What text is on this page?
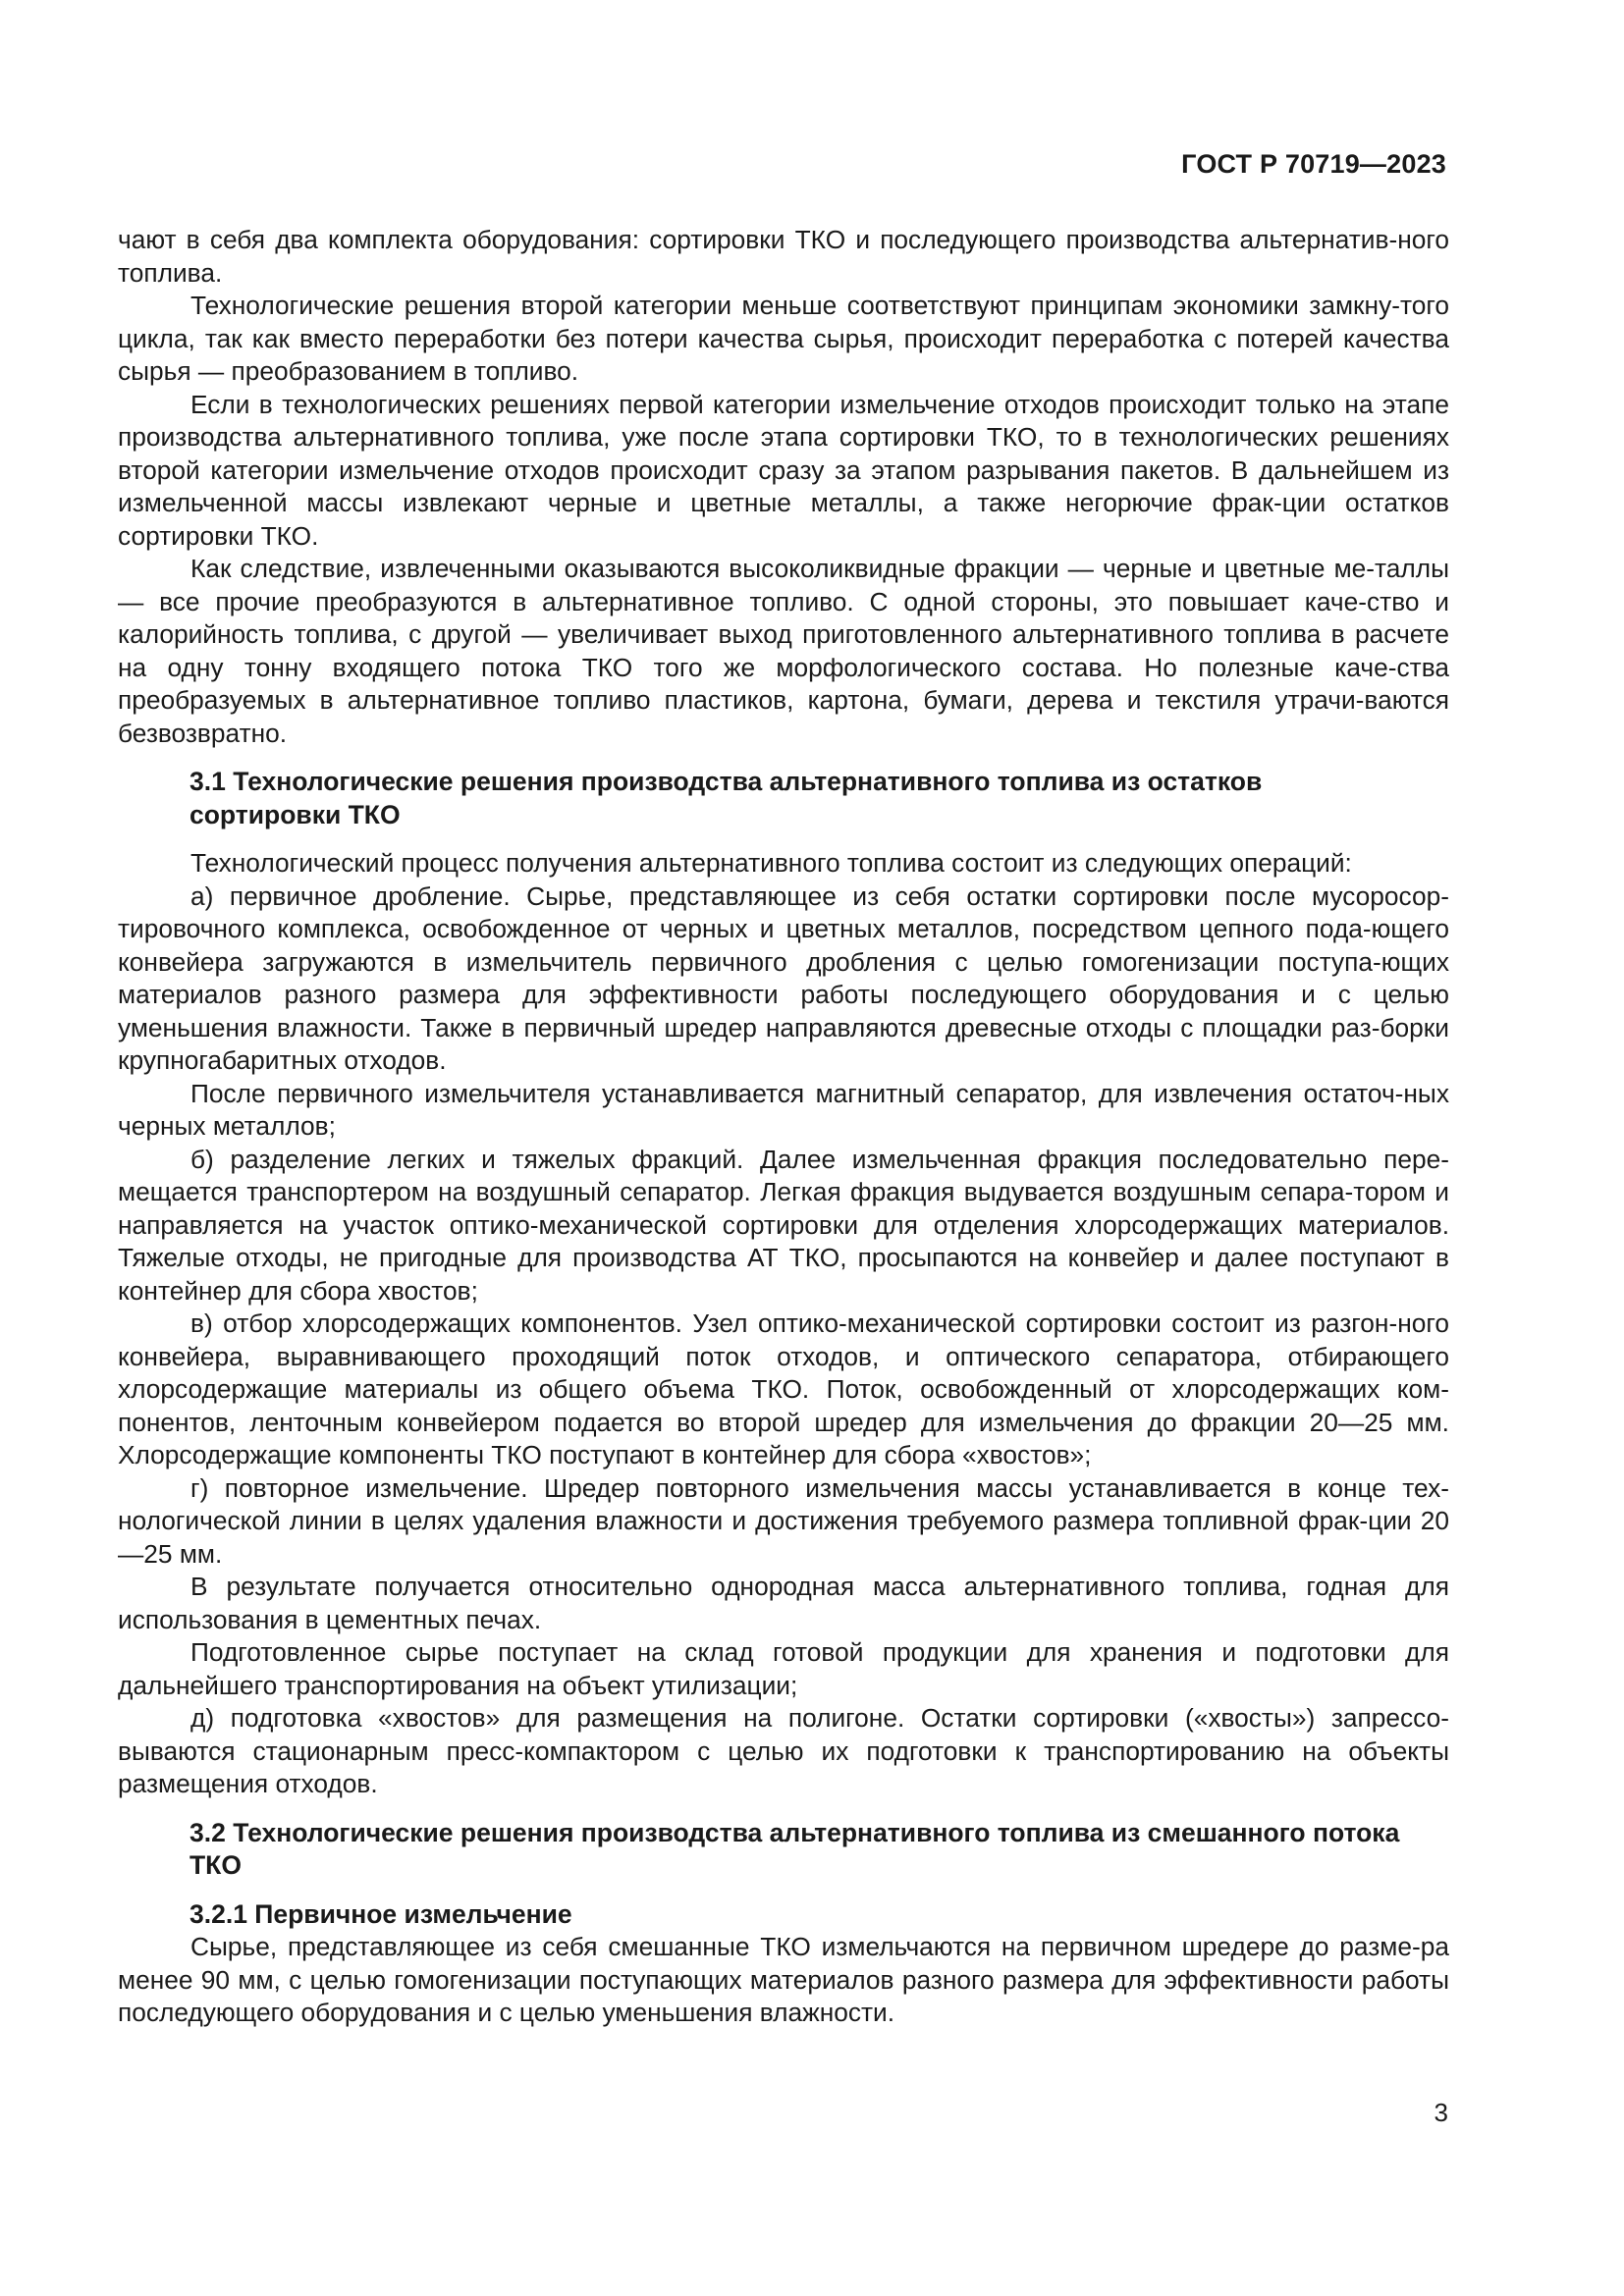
ГОСТ Р 70719—2023

чают в себя два комплекта оборудования: сортировки ТКО и последующего производства альтернатив-ного топлива.

Технологические решения второй категории меньше соответствуют принципам экономики замкну-того цикла, так как вместо переработки без потери качества сырья, происходит переработка с потерей качества сырья — преобразованием в топливо.

Если в технологических решениях первой категории измельчение отходов происходит только на этапе производства альтернативного топлива, уже после этапа сортировки ТКО, то в технологических решениях второй категории измельчение отходов происходит сразу за этапом разрывания пакетов. В дальнейшем из измельченной массы извлекают черные и цветные металлы, а также негорючие фрак-ции остатков сортировки ТКО.

Как следствие, извлеченными оказываются высоколиквидные фракции — черные и цветные ме-таллы — все прочие преобразуются в альтернативное топливо. С одной стороны, это повышает каче-ство и калорийность топлива, с другой — увеличивает выход приготовленного альтернативного топлива в расчете на одну тонну входящего потока ТКО того же морфологического состава. Но полезные каче-ства преобразуемых в альтернативное топливо пластиков, картона, бумаги, дерева и текстиля утрачи-ваются безвозвратно.

3.1 Технологические решения производства альтернативного топлива из остатков сортировки ТКО

Технологический процесс получения альтернативного топлива состоит из следующих операций:

а) первичное дробление. Сырье, представляющее из себя остатки сортировки после мусоросор-тировочного комплекса, освобожденное от черных и цветных металлов, посредством цепного пода-ющего конвейера загружаются в измельчитель первичного дробления с целью гомогенизации поступа-ющих материалов разного размера для эффективности работы последующего оборудования и с целью уменьшения влажности. Также в первичный шредер направляются древесные отходы с площадки раз-борки крупногабаритных отходов.

После первичного измельчителя устанавливается магнитный сепаратор, для извлечения остаточ-ных черных металлов;

б) разделение легких и тяжелых фракций. Далее измельченная фракция последовательно пере-мещается транспортером на воздушный сепаратор. Легкая фракция выдувается воздушным сепара-тором и направляется на участок оптико-механической сортировки для отделения хлорсодержащих материалов. Тяжелые отходы, не пригодные для производства АТ ТКО, просыпаются на конвейер и далее поступают в контейнер для сбора хвостов;

в) отбор хлорсодержащих компонентов. Узел оптико-механической сортировки состоит из разгон-ного конвейера, выравнивающего проходящий поток отходов, и оптического сепаратора, отбирающего хлорсодержащие материалы из общего объема ТКО. Поток, освобожденный от хлорсодержащих ком-понентов, ленточным конвейером подается во второй шредер для измельчения до фракции 20—25 мм. Хлорсодержащие компоненты ТКО поступают в контейнер для сбора «хвостов»;

г) повторное измельчение. Шредер повторного измельчения массы устанавливается в конце тех-нологической линии в целях удаления влажности и достижения требуемого размера топливной фрак-ции 20—25 мм.

В результате получается относительно однородная масса альтернативного топлива, годная для использования в цементных печах.

Подготовленное сырье поступает на склад готовой продукции для хранения и подготовки для дальнейшего транспортирования на объект утилизации;

д) подготовка «хвостов» для размещения на полигоне. Остатки сортировки («хвосты») запрессо-вываются стационарным пресс-компактором с целью их подготовки к транспортированию на объекты размещения отходов.

3.2 Технологические решения производства альтернативного топлива из смешанного потока ТКО
3.2.1 Первичное измельчение

Сырье, представляющее из себя смешанные ТКО измельчаются на первичном шредере до разме-ра менее 90 мм, с целью гомогенизации поступающих материалов разного размера для эффективности работы последующего оборудования и с целью уменьшения влажности.

3
